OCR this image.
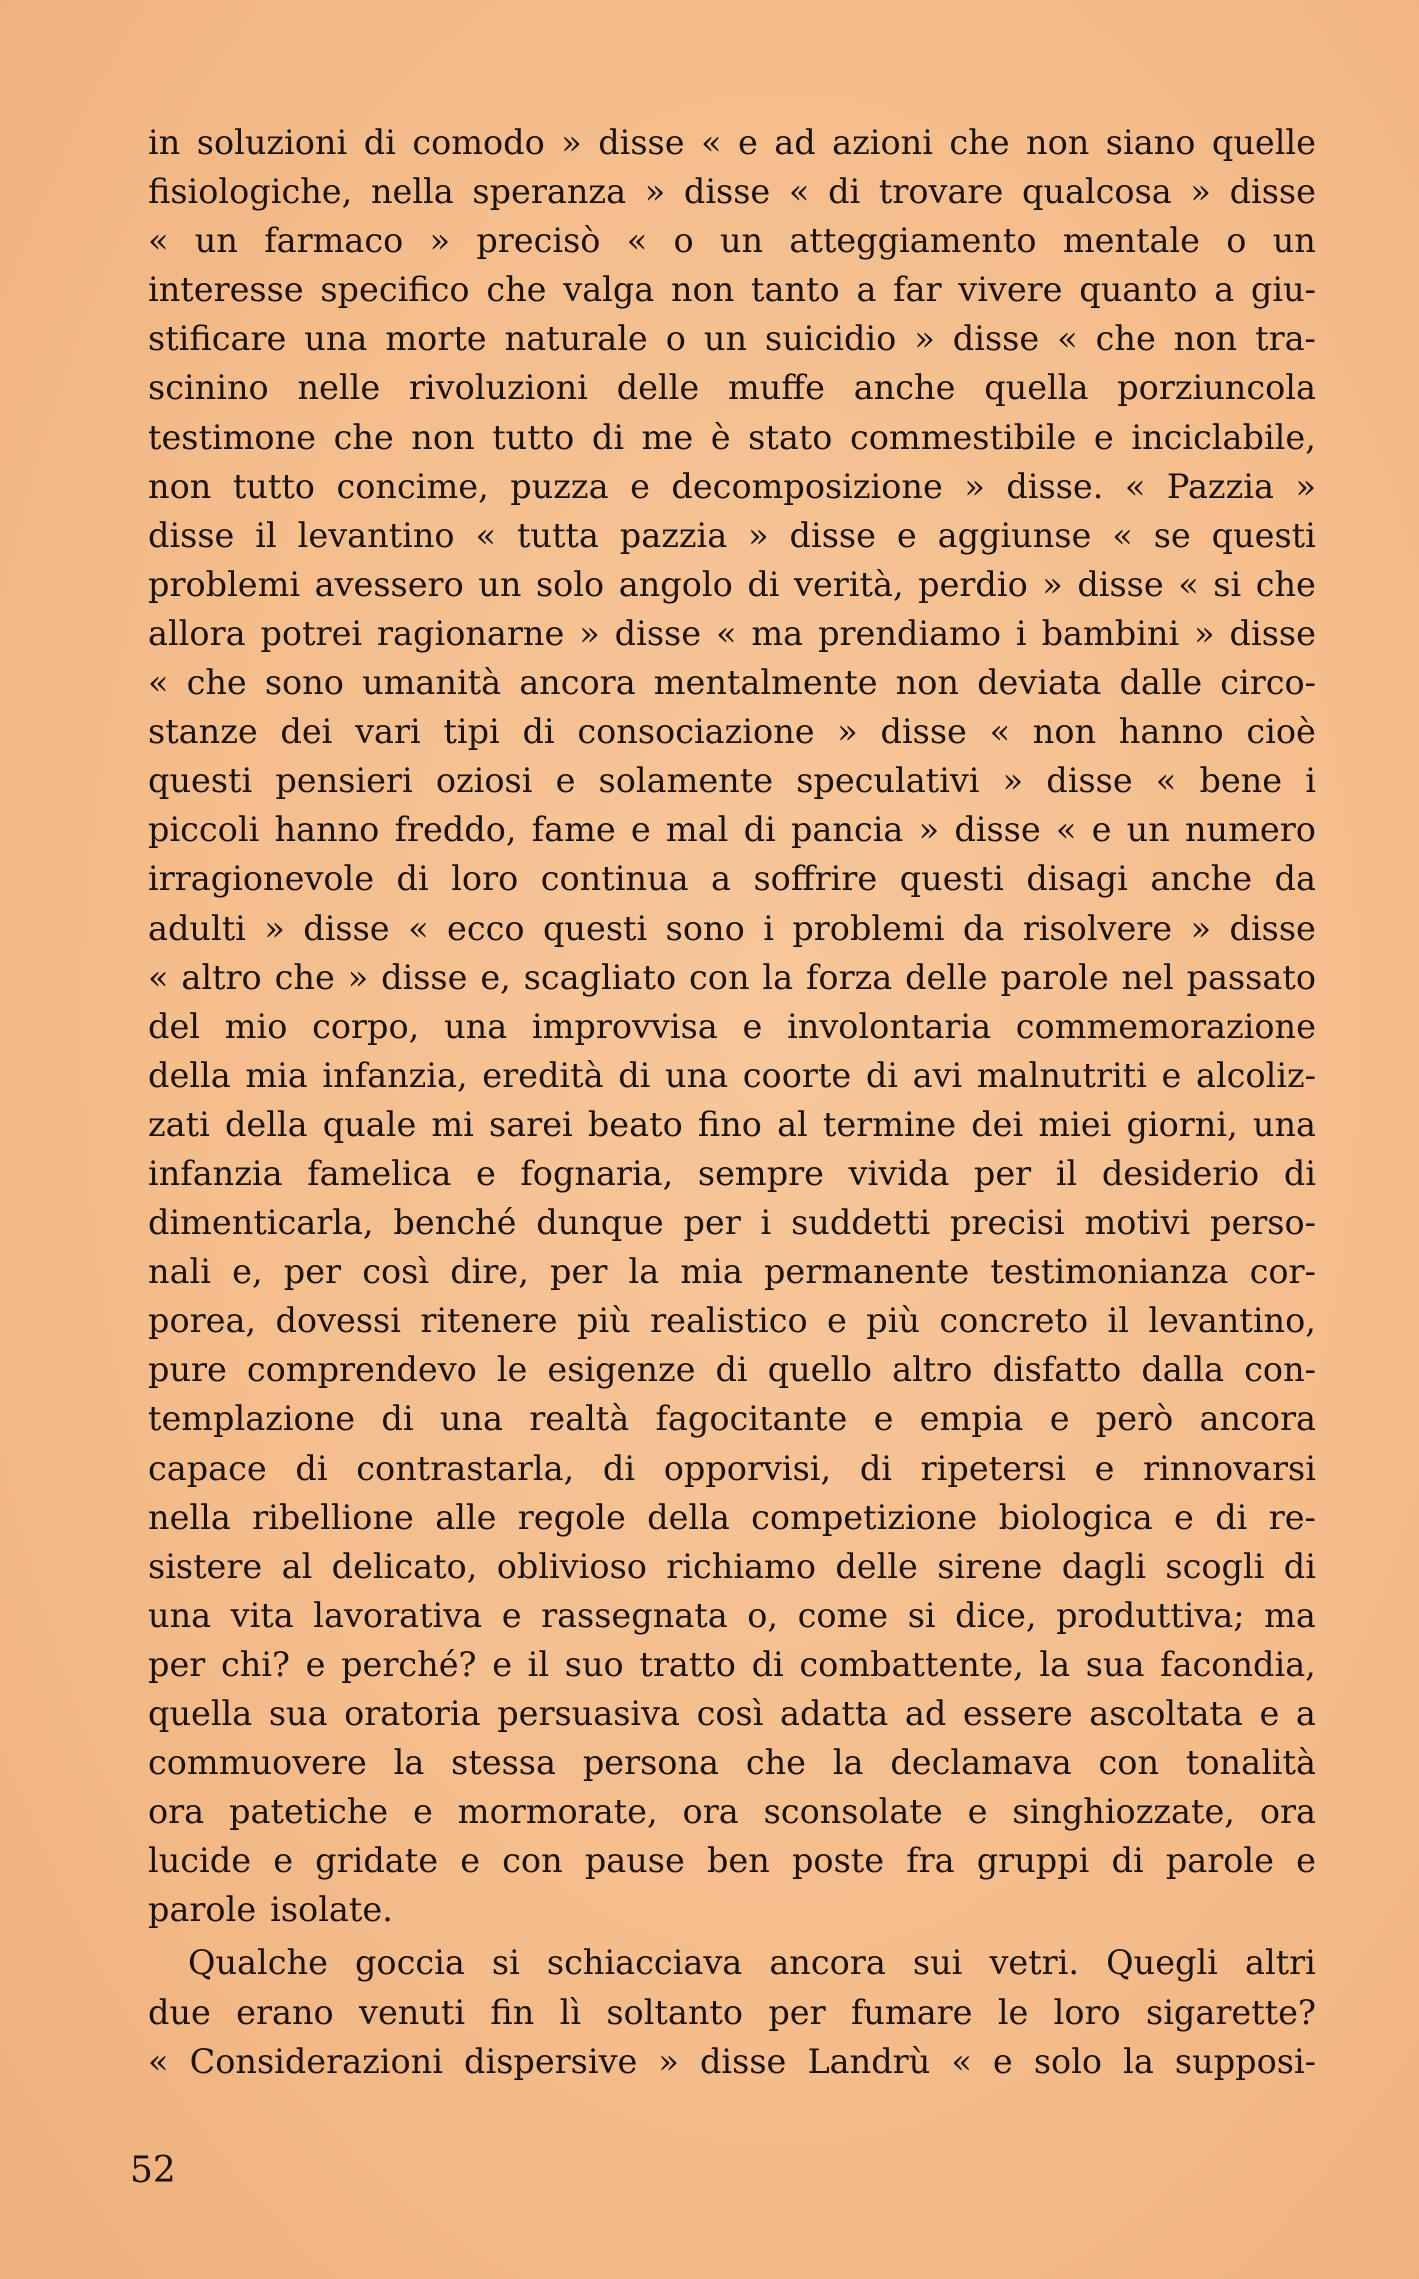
in soluzioni di comodo » disse « e ad azioni che non siano quelle
fisiologiche, nella speranza » disse « di trovare qualcosa » disse
« un farmaco » precisò « o un atteggiamento mentale o un
interesse specifico che valga non tanto a far vivere quanto a giu-
stificare una morte naturale o un suicidio » disse « che non tra-
scinino nelle rivoluzioni delle muffe anche quella porziuncola
testimone che non tutto di me è stato commestibile e inciclabile,
non tutto concime, puzza e decomposizione » disse. « Pazzia »
disse il levantino « tutta pazzia » disse e aggiunse « se questi
problemi avessero un solo angolo di verità, perdio » disse « si che
allora potrei ragionarne » disse « ma prendiamo i bambini » disse
« che sono umanità ancora mentalmente non deviata dalle circo-
stanze dei vari tipi di consociazione » disse « non hanno cioè
questi pensieri oziosi e solamente speculativi » disse « bene i
piccoli hanno freddo, fame e mal di pancia » disse « e un numero
irragionevole di loro continua a soffrire questi disagi anche da
adulti » disse « ecco questi sono i problemi da risolvere » disse
« altro che » disse e, scagliato con la forza delle parole nel passato
del mio corpo, una improvvisa e involontaria commemorazione
della mia infanzia, eredità di una coorte di avi malnutriti e alcoliz-
zati della quale mi sarei beato fino al termine dei miei giorni, una
infanzia famelica e fognaria, sempre vivida per il desiderio di
dimenticarla, benché dunque per i suddetti precisi motivi perso-
nali e, per così dire, per la mia permanente testimonianza cor-
porea, dovessi ritenere più realistico e più concreto il levantino,
pure comprendevo le esigenze di quello altro disfatto dalla con-
templazione di una realtà fagocitante e empia e però ancora
capace di contrastarla, di opporvisi, di ripetersi e rinnovarsi
nella ribellione alle regole della competizione biologica e di re-
sistere al delicato, oblivioso richiamo delle sirene dagli scogli di
una vita lavorativa e rassegnata o, come si dice, produttiva; ma
per chi? e perché? e il suo tratto di combattente, la sua facondia,
quella sua oratoria persuasiva così adatta ad essere ascoltata e a
commuovere la stessa persona che la declamava con tonalità
ora patetiche e mormorate, ora sconsolate e singhiozzate, ora
lucide e gridate e con pause ben poste fra gruppi di parole e
parole isolate.
Qualche goccia si schiacciava ancora sui vetri. Quegli altri
due erano venuti fin lì soltanto per fumare le loro sigarette?
« Considerazioni dispersive » disse Landrù « e solo la supposi-
52
